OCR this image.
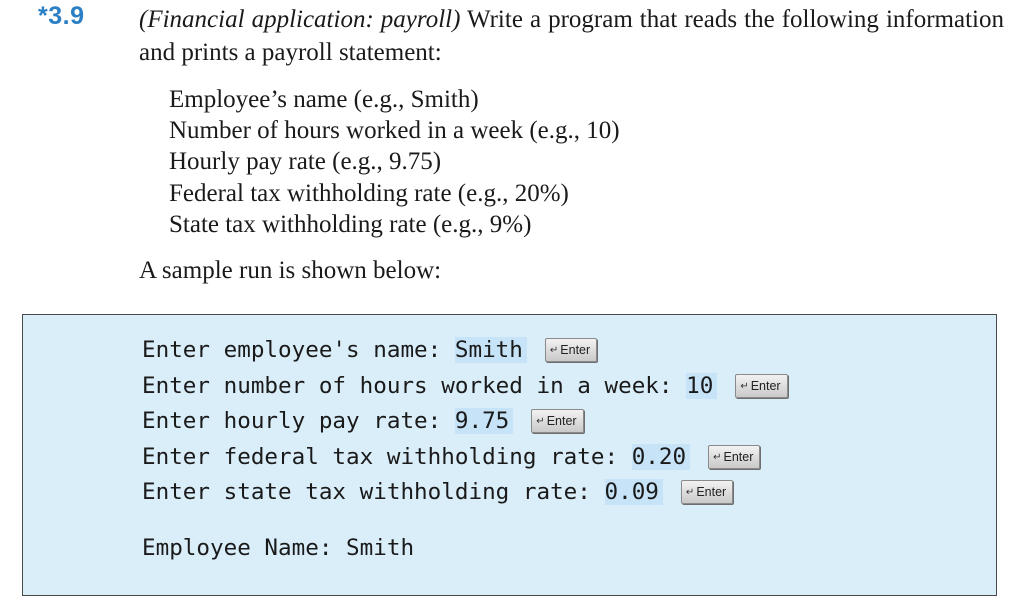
*3.9 (Financial application: payroll) Write a program that reads the following information and prints a payroll statement:
Employee’s name (e.g., Smith)
Number of hours worked in a week (e.g., 10)
Hourly pay rate (e.g., 9.75)
Federal tax withholding rate (e.g., 20%)
State tax withholding rate (e.g., 9%)
A sample run is shown below:
Enter employee's name: Smith	↵ Enter
Enter number of hours worked in a week: 10	↵ Enter
Enter hourly pay rate: 9.75	↵ Enter
Enter federal tax withholding rate: 0.20	↵ Enter
Enter state tax withholding rate: 0.09	↵ Enter
Employee Name: Smith
